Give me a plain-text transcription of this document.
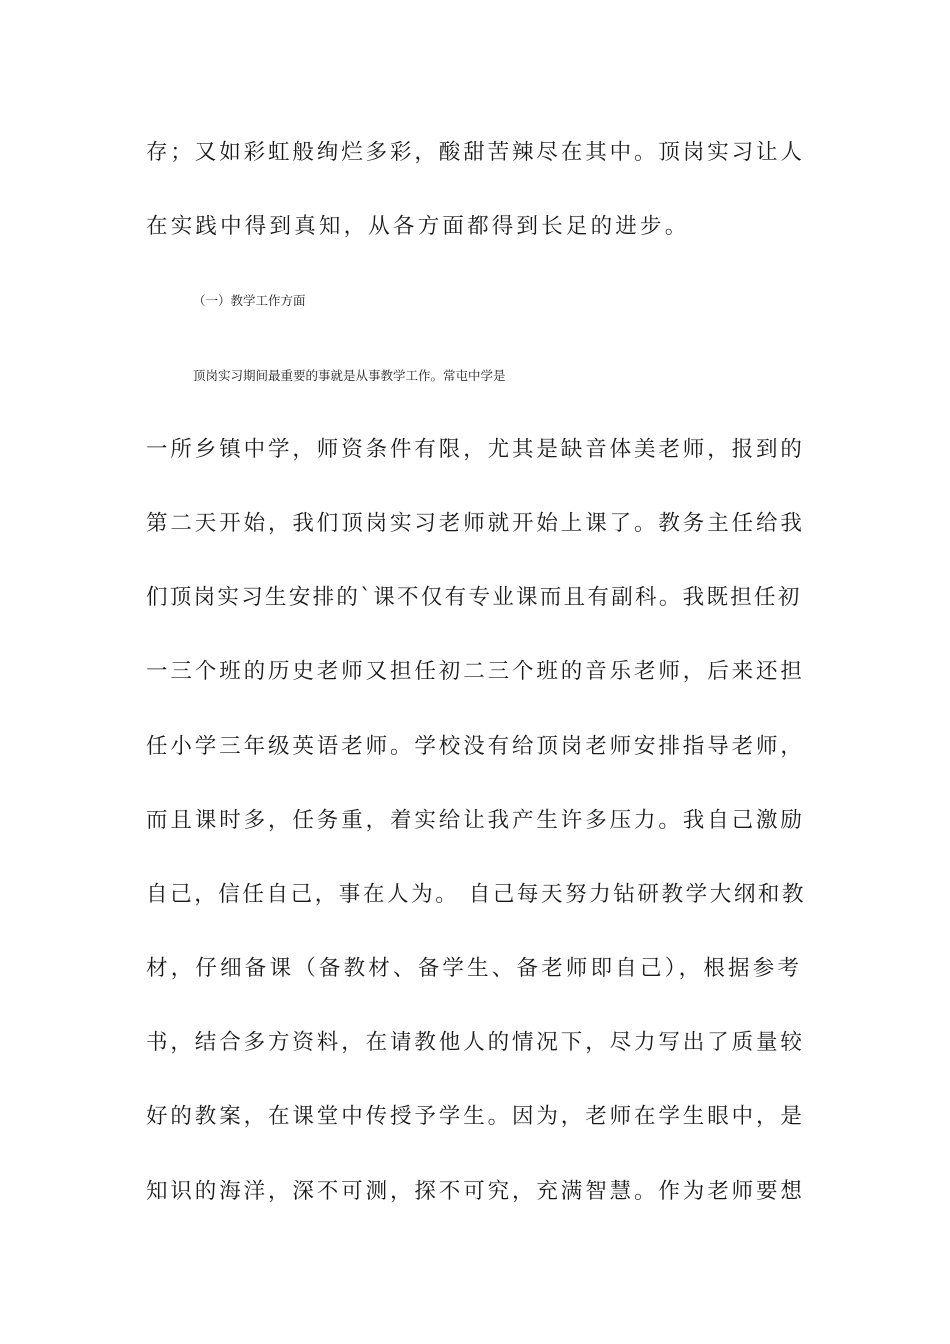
存；又如彩虹般绚烂多彩，酸甜苦辣尽在其中。顶岗实习让人
在实践中得到真知，从各方面都得到长足的进步。
（一）教学工作方面
顶岗实习期间最重要的事就是从事教学工作。常屯中学是
一所乡镇中学，师资条件有限，尤其是缺音体美老师，报到的
第二天开始，我们顶岗实习老师就开始上课了。教务主任给我
们顶岗实习生安排的`课不仅有专业课而且有副科。我既担任初
一三个班的历史老师又担任初二三个班的音乐老师，后来还担
任小学三年级英语老师。学校没有给顶岗老师安排指导老师，
而且课时多，任务重，着实给让我产生许多压力。我自己激励
自己，信任自己，事在人为。 自己每天努力钻研教学大纲和教
材，仔细备课（备教材、备学生、备老师即自己），根据参考
书，结合多方资料，在请教他人的情况下，尽力写出了质量较
好的教案，在课堂中传授予学生。因为，老师在学生眼中，是
知识的海洋，深不可测，探不可究，充满智慧。作为老师要想
